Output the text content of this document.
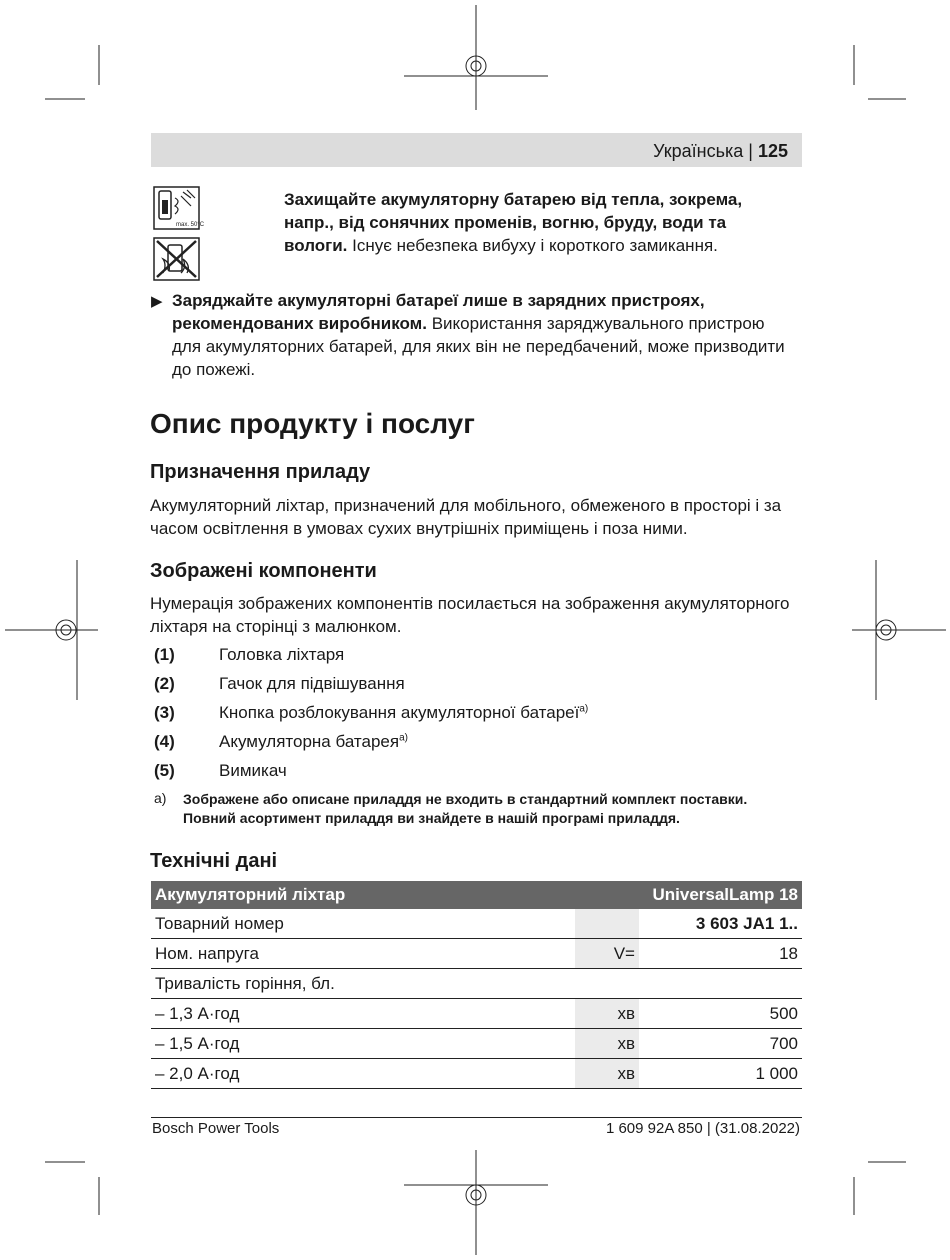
Українська | 125
max. 50°C
Захищайте акумуляторну батарею від тепла, зокрема, напр., від сонячних променів, вогню, бруду, води та вологи. Існує небезпека вибуху і короткого замикання.
▶ Заряджайте акумуляторні батареї лише в зарядних пристроях, рекомендованих виробником. Використання заряджувального пристрою для акумуляторних батарей, для яких він не передбачений, може призводити до пожежі.
Опис продукту і послуг
Призначення приладу
Акумуляторний ліхтар, призначений для мобільного, обмеженого в просторі і за часом освітлення в умовах сухих внутрішніх приміщень і поза ними.
Зображені компоненти
Нумерація зображених компонентів посилається на зображення акумуляторного ліхтаря на сторінці з малюнком.
(1)	Головка ліхтаря
(2)	Гачок для підвішування
(3)	Кнопка розблокування акумуляторної батареї$^{a)}$
(4)	Акумуляторна батарея$^{a)}$
(5)	Вимикач
a) Зображене або описане приладдя не входить в стандартний комплект поставки.
Повний асортимент приладдя ви знайдете в нашій програмі приладдя.
Технічні дані
Акумуляторний ліхтар		UniversalLamp 18
Товарний номер		3 603 JA1 1..
Ном. напруга	V=	18
Тривалість горіння, бл.		
– 1,3 А·год	хв	500
– 1,5 А·год	хв	700
– 2,0 А·год	хв	1 000
Bosch Power Tools	1 609 92A 850 | (31.08.2022)
